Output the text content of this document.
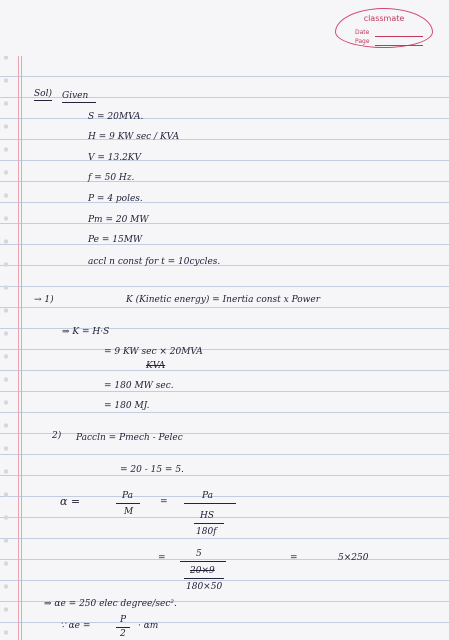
classmate
Date
Page
Sol) Given
S = 20MVA.
H = 9 KW sec / KVA
V = 13.2KV
f = 50 Hz.
P = 4 poles.
Pm = 20 MW
Pe = 15MW
accl n const for t = 10cycles.
→ 1)	K (Kinetic energy) = Inertia const x Power
⇒ K = H·S
= 9 KW sec × 20MVA
KVA
= 180 MW sec.
= 180 MJ.
2) Paccln = Pmech - Pelec
= 20 - 15 = 5.
α =	Pa
M
=
Pa
HS
180f
=	5
20×9
180×50
=	5×250
⇒ αe = 250 elec degree/sec².
∵ αe =
P
2
· αm
